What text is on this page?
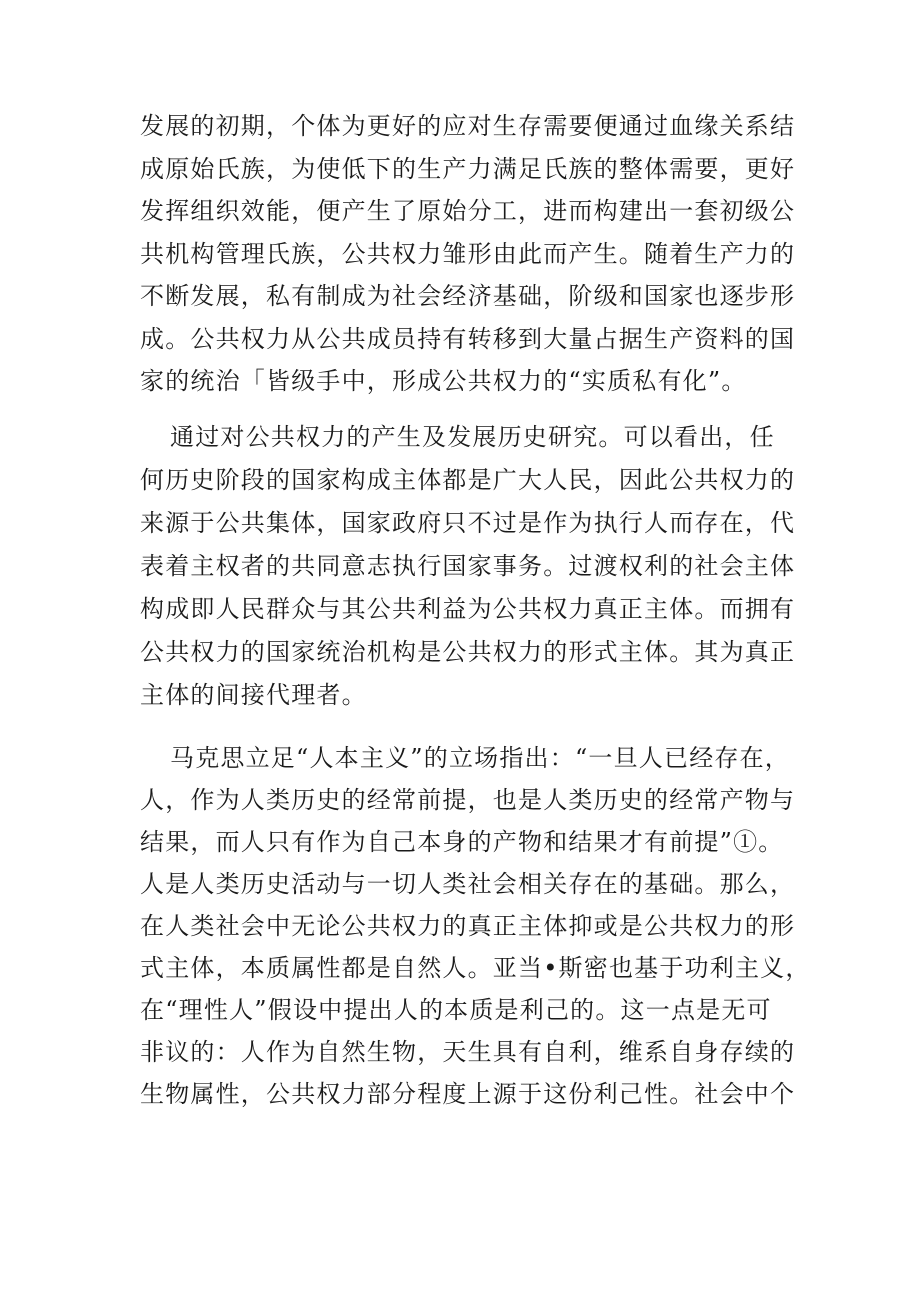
发展的初期，个体为更好的应对生存需要便通过血缘关系结
成原始氏族，为使低下的生产力满足氏族的整体需要，更好
发挥组织效能，便产生了原始分工，进而构建出一套初级公
共机构管理氏族，公共权力雏形由此而产生。随着生产力的
不断发展，私有制成为社会经济基础，阶级和国家也逐步形
成。公共权力从公共成员持有转移到大量占据生产资料的国
家的统治「皆级手中，形成公共权力的“实质私有化”。
通过对公共权力的产生及发展历史研究。可以看出，任
何历史阶段的国家构成主体都是广大人民，因此公共权力的
来源于公共集体，国家政府只不过是作为执行人而存在，代
表着主权者的共同意志执行国家事务。过渡权利的社会主体
构成即人民群众与其公共利益为公共权力真正主体。而拥有
公共权力的国家统治机构是公共权力的形式主体。其为真正
主体的间接代理者。
马克思立足“人本主义”的立场指出：“一旦人已经存在，
人，作为人类历史的经常前提，也是人类历史的经常产物与
结果，而人只有作为自己本身的产物和结果才有前提”①。
人是人类历史活动与一切人类社会相关存在的基础。那么，
在人类社会中无论公共权力的真正主体抑或是公共权力的形
式主体，本质属性都是自然人。亚当•斯密也基于功利主义，
在“理性人”假设中提出人的本质是利己的。这一点是无可
非议的：人作为自然生物，天生具有自利，维系自身存续的
生物属性，公共权力部分程度上源于这份利己性。社会中个
